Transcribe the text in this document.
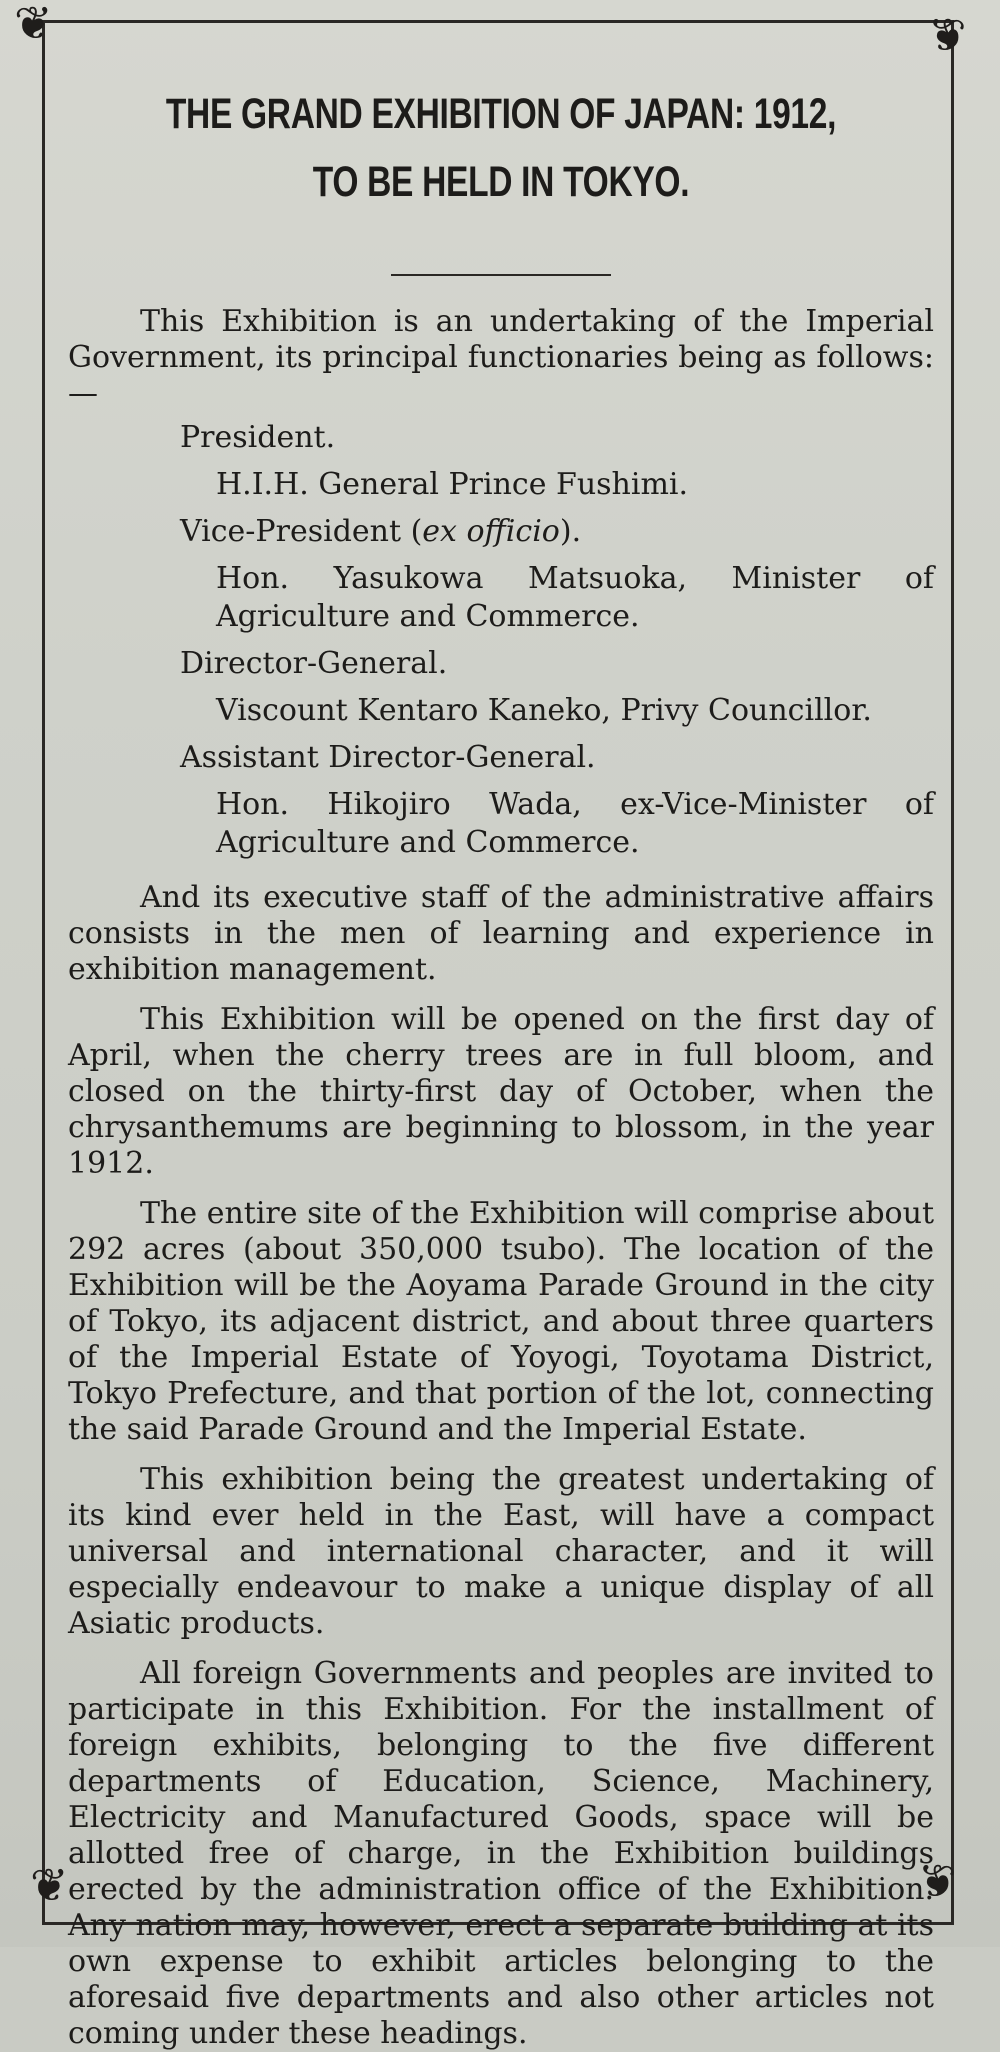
❦	❦
❦	❦
THE GRAND EXHIBITION OF JAPAN: 1912,
TO BE HELD IN TOKYO.

This Exhibition is an undertaking of the Imperial Government, its principal functionaries being as follows:—

President.

H.I.H. General Prince Fushimi.

Vice-President (ex officio).

Hon. Yasukowa Matsuoka, Minister of Agriculture and Commerce.

Director-General.

Viscount Kentaro Kaneko, Privy Councillor.

Assistant Director-General.

Hon. Hikojiro Wada, ex-Vice-Minister of Agriculture and Commerce.

And its executive staff of the administrative affairs consists in the men of learning and experience in exhibition management.

This Exhibition will be opened on the first day of April, when the cherry trees are in full bloom, and closed on the thirty-first day of October, when the chrysanthemums are beginning to blossom, in the year 1912.

The entire site of the Exhibition will comprise about 292 acres (about 350,000 tsubo). The location of the Exhibition will be the Aoyama Parade Ground in the city of Tokyo, its adjacent district, and about three quarters of the Imperial Estate of Yoyogi, Toyotama District, Tokyo Prefecture, and that portion of the lot, connecting the said Parade Ground and the Imperial Estate.

This exhibition being the greatest undertaking of its kind ever held in the East, will have a compact universal and international character, and it will especially endeavour to make a unique display of all Asiatic products.

All foreign Governments and peoples are invited to participate in this Exhibition. For the installment of foreign exhibits, belonging to the five different departments of Education, Science, Machinery, Electricity and Manufactured Goods, space will be allotted free of charge, in the Exhibition buildings erected by the administration office of the Exhibition. Any nation may, however, erect a separate building at its own expense to exhibit articles belonging to the aforesaid five departments and also other articles not coming under these headings.
